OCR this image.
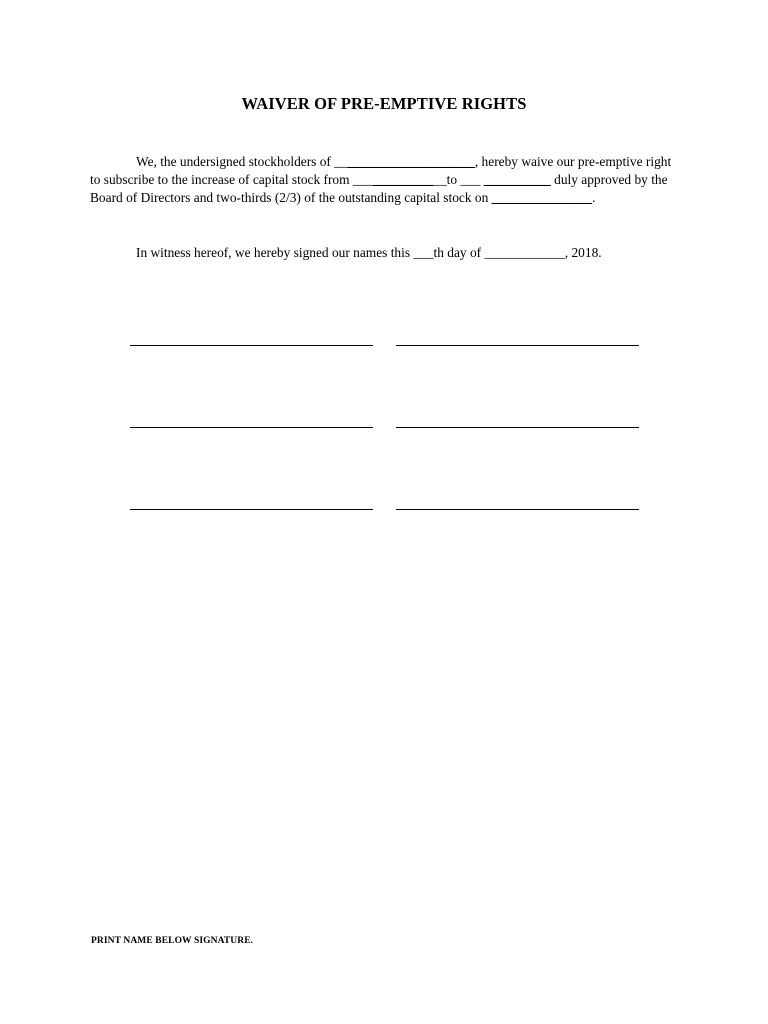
WAIVER OF PRE-EMPTIVE RIGHTS
We, the undersigned stockholders of _____________________, hereby waive our pre-emptive right
to subscribe to the increase of capital stock from ______________to ___ __________ duly approved by the
Board of Directors and two-thirds (2/3) of the outstanding capital stock on _______________.
In witness hereof, we hereby signed our names this ___th day of ____________, 2018.
PRINT NAME BELOW SIGNATURE.
